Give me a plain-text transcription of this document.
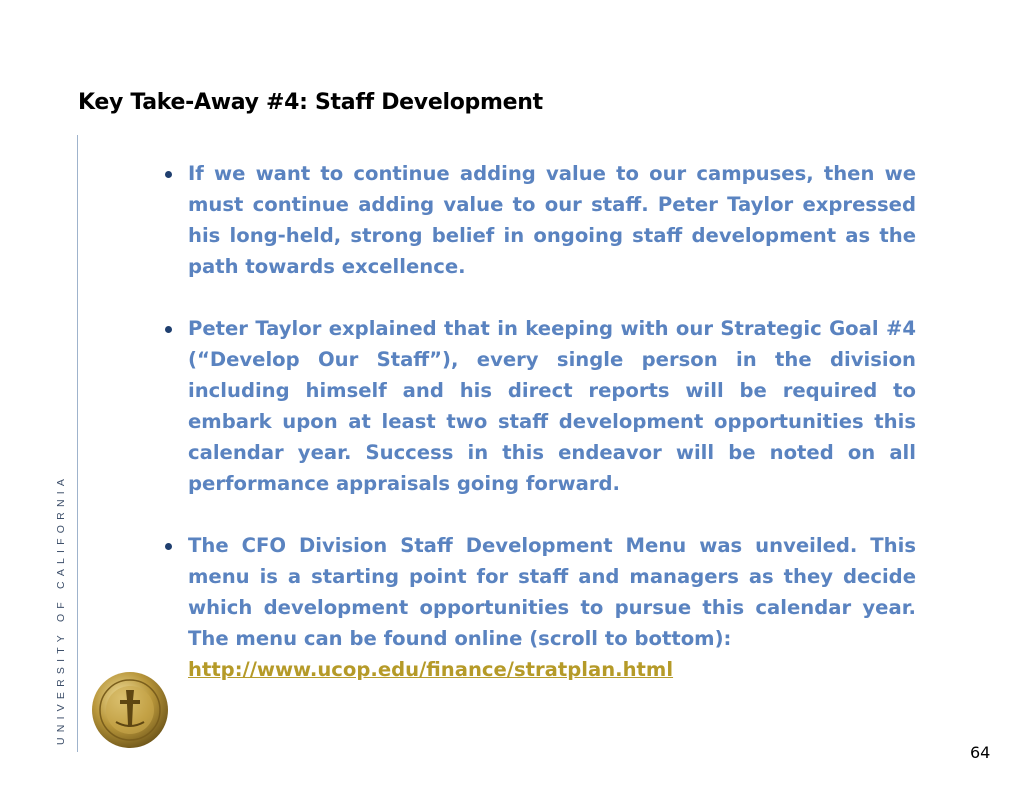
Key Take-Away #4: Staff Development
UNIVERSITY OF CALIFORNIA
If we want to continue adding value to our campuses, then we must continue adding value to our staff. Peter Taylor expressed his long-held, strong belief in ongoing staff development as the path towards excellence.
Peter Taylor explained that in keeping with our Strategic Goal #4 (“Develop Our Staff”), every single person in the division including himself and his direct reports will be required to embark upon at least two staff development opportunities this calendar year. Success in this endeavor will be noted on all performance appraisals going forward.
The CFO Division Staff Development Menu was unveiled. This menu is a starting point for staff and managers as they decide which development opportunities to pursue this calendar year. The menu can be found online (scroll to bottom):
http://www.ucop.edu/finance/stratplan.html
64
